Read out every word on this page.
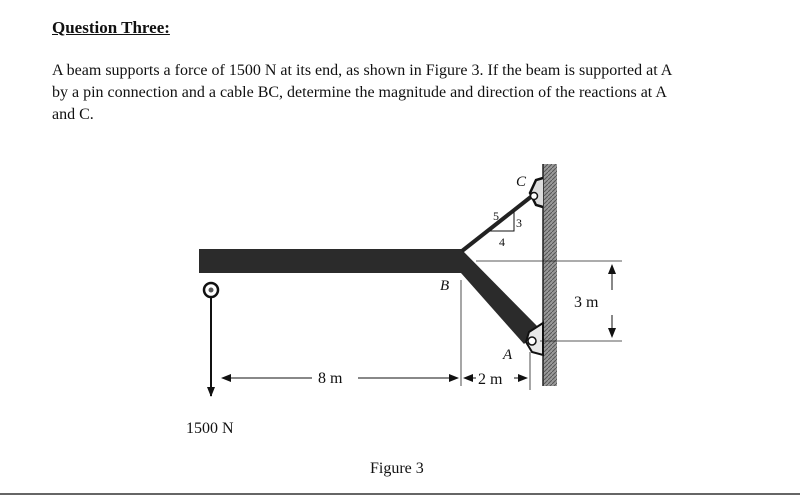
Question Three:

A beam supports a force of 1500 N at its end, as shown in Figure 3. If the beam is supported at A
by a pin connection and a cable BC, determine the magnitude and direction of the reactions at A
and C.

C
B
A
5 3
4
3 m
8 m	2 m
1500 N
Figure 3
